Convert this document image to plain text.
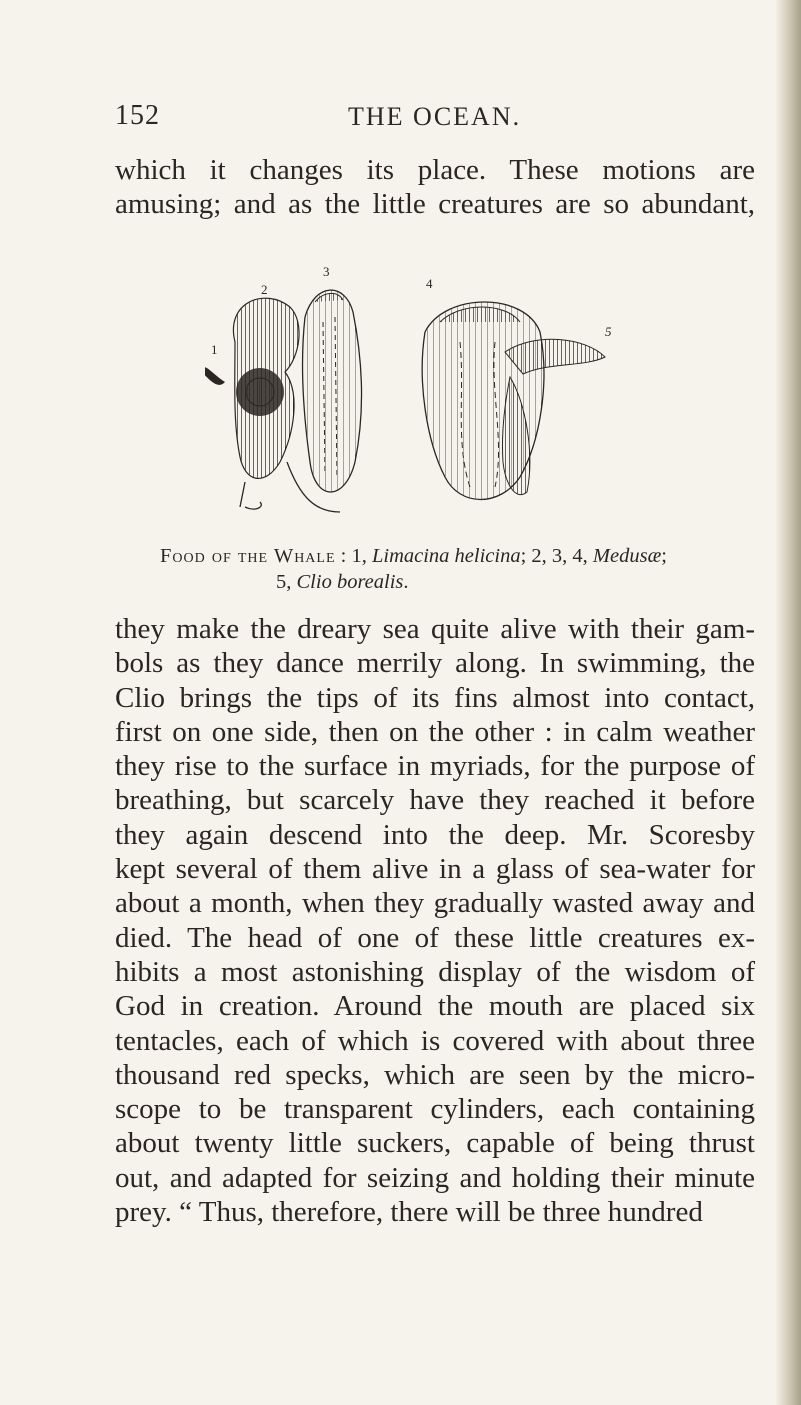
152	THE OCEAN.
which it changes its place. These motions are
amusing; and as the little creatures are so abundant,
1
2
3
4
5
Food of the Whale : 1, Limacina helicina; 2, 3, 4, Medusæ;
5, Clio borealis.
they make the dreary sea quite alive with their gam-
bols as they dance merrily along. In swimming, the
Clio brings the tips of its fins almost into contact,
first on one side, then on the other : in calm weather
they rise to the surface in myriads, for the purpose of
breathing, but scarcely have they reached it before
they again descend into the deep. Mr. Scoresby
kept several of them alive in a glass of sea-water for
about a month, when they gradually wasted away and
died. The head of one of these little creatures ex-
hibits a most astonishing display of the wisdom of
God in creation. Around the mouth are placed six
tentacles, each of which is covered with about three
thousand red specks, which are seen by the micro-
scope to be transparent cylinders, each containing
about twenty little suckers, capable of being thrust
out, and adapted for seizing and holding their minute
prey. “ Thus, therefore, there will be three hundred
